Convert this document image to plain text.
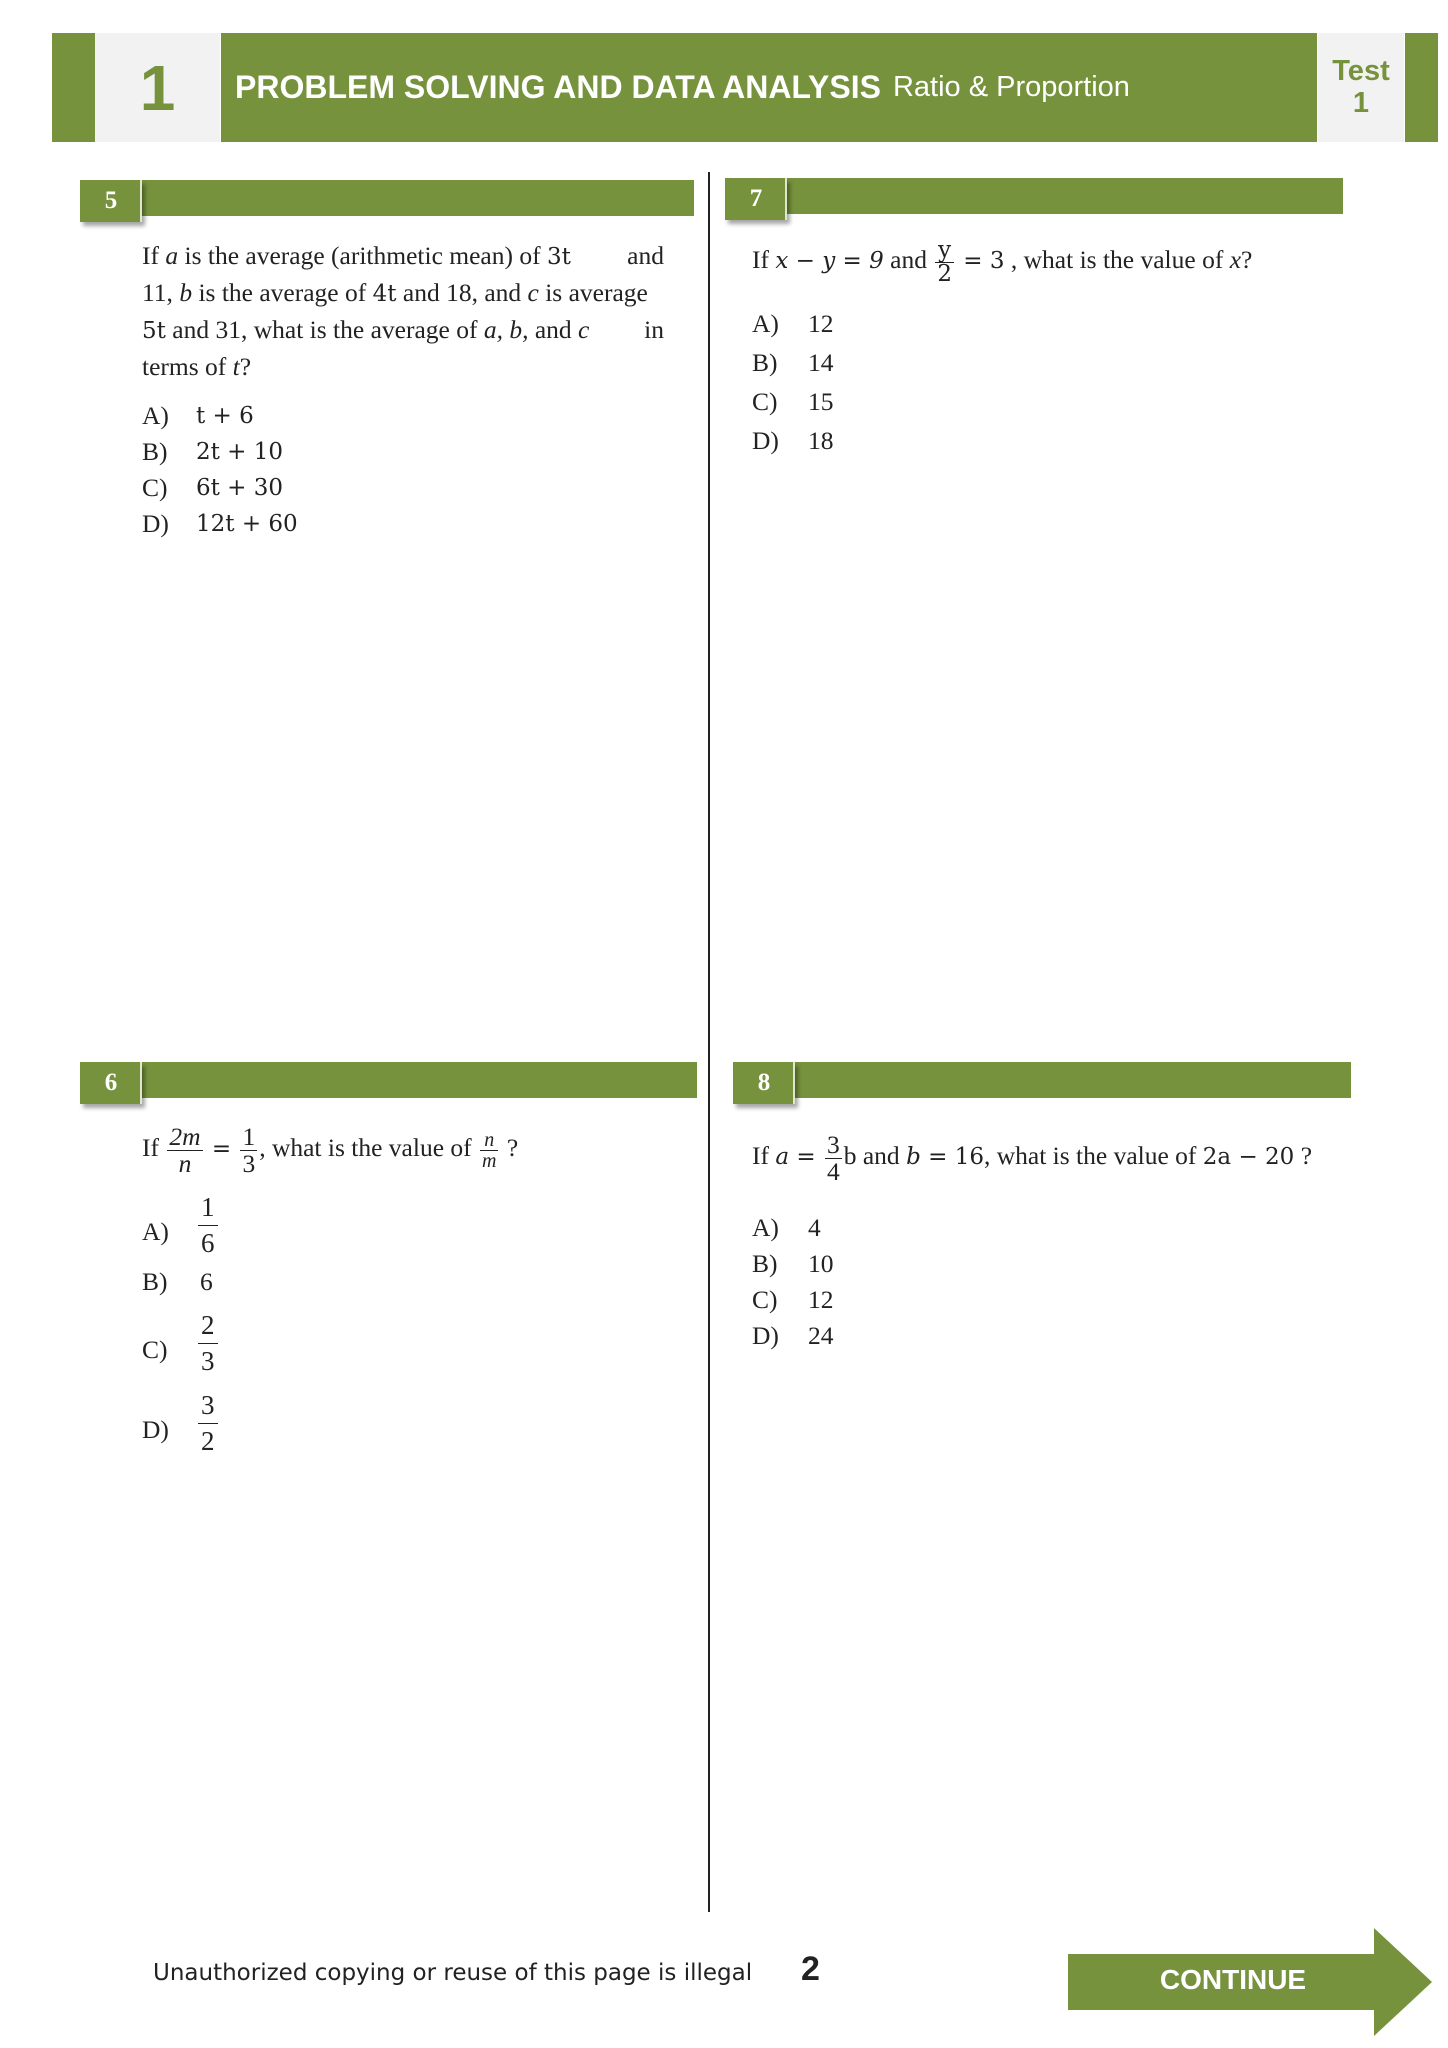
1	PROBLEM SOLVING AND DATA ANALYSIS Ratio & Proportion
Test
1
5
If a is the average (arithmetic mean) of 3t and
11, b is the average of 4t and 18, and c is average
5t and 31, what is the average of a, b, and c in
terms of t?
A) t + 6
B) 2t + 10
C) 6t + 30
D) 12t + 60
7
If x − y = 9 and $\frac{y}{2} = 3$ , what is the value of x?
A) 12
B) 14
C) 15
D) 18
6
If $\frac{2m}{n} = \frac{1}{3}$ , what is the value of $\frac{n}{m}$ ?
A)
1
6
B) 6
C)
2
3
D)
3
2
8
If $a = \frac{3}{4}$ b and b = 16, what is the value of 2a − 20 ?
A) 4
B) 10
C) 12
D) 24
Unauthorized copying or reuse of this page is illegal 2	CONTINUE
